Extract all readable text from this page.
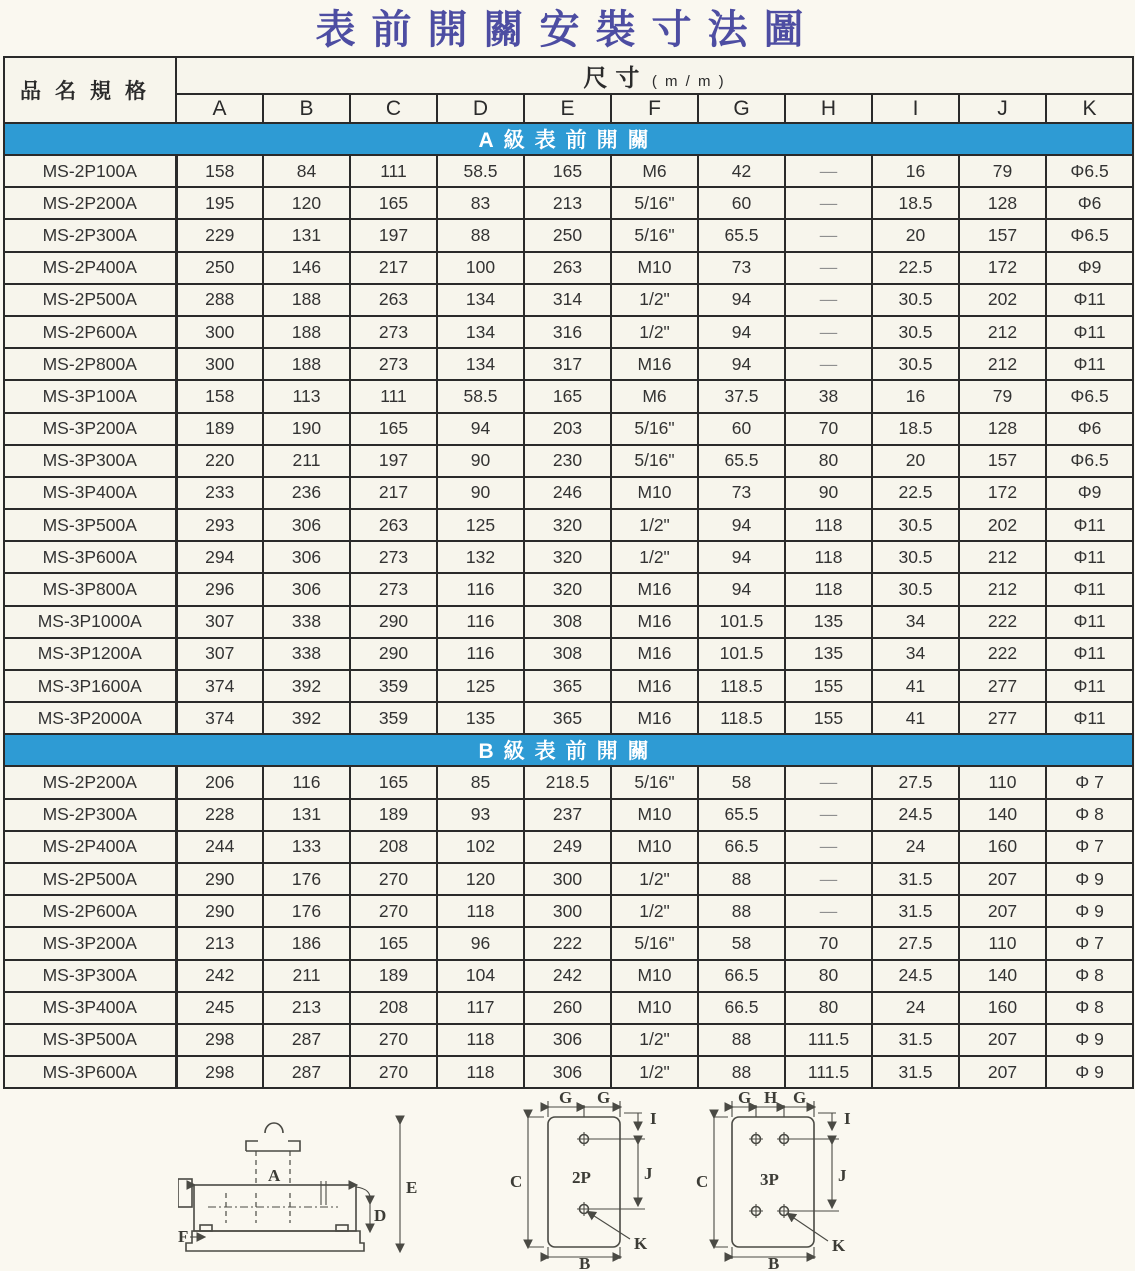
表前開關安裝寸法圖
品名規格	尺寸 ( m / m )										
	A	B	C	D	E	F	G	H	I	J	K
A級表前開關											
MS-2P100A	158	84	111	58.5	165	M6	42	—	16	79	Φ6.5
MS-2P200A	195	120	165	83	213	5/16"	60	—	18.5	128	Φ6
MS-2P300A	229	131	197	88	250	5/16"	65.5	—	20	157	Φ6.5
MS-2P400A	250	146	217	100	263	M10	73	—	22.5	172	Φ9
MS-2P500A	288	188	263	134	314	1/2"	94	—	30.5	202	Φ11
MS-2P600A	300	188	273	134	316	1/2"	94	—	30.5	212	Φ11
MS-2P800A	300	188	273	134	317	M16	94	—	30.5	212	Φ11
MS-3P100A	158	113	111	58.5	165	M6	37.5	38	16	79	Φ6.5
MS-3P200A	189	190	165	94	203	5/16"	60	70	18.5	128	Φ6
MS-3P300A	220	211	197	90	230	5/16"	65.5	80	20	157	Φ6.5
MS-3P400A	233	236	217	90	246	M10	73	90	22.5	172	Φ9
MS-3P500A	293	306	263	125	320	1/2"	94	118	30.5	202	Φ11
MS-3P600A	294	306	273	132	320	1/2"	94	118	30.5	212	Φ11
MS-3P800A	296	306	273	116	320	M16	94	118	30.5	212	Φ11
MS-3P1000A	307	338	290	116	308	M16	101.5	135	34	222	Φ11
MS-3P1200A	307	338	290	116	308	M16	101.5	135	34	222	Φ11
MS-3P1600A	374	392	359	125	365	M16	118.5	155	41	277	Φ11
MS-3P2000A	374	392	359	135	365	M16	118.5	155	41	277	Φ11
B級表前開關											
MS-2P200A	206	116	165	85	218.5	5/16"	58	—	27.5	110	Φ 7
MS-2P300A	228	131	189	93	237	M10	65.5	—	24.5	140	Φ 8
MS-2P400A	244	133	208	102	249	M10	66.5	—	24	160	Φ 7
MS-2P500A	290	176	270	120	300	1/2"	88	—	31.5	207	Φ 9
MS-2P600A	290	176	270	118	300	1/2"	88	—	31.5	207	Φ 9
MS-3P200A	213	186	165	96	222	5/16"	58	70	27.5	110	Φ 7
MS-3P300A	242	211	189	104	242	M10	66.5	80	24.5	140	Φ 8
MS-3P400A	245	213	208	117	260	M10	66.5	80	24	160	Φ 8
MS-3P500A	298	287	270	118	306	1/2"	88	111.5	31.5	207	Φ 9
MS-3P600A	298	287	270	118	306	1/2"	88	111.5	31.5	207	Φ 9
A
D
F
E
G G
C
I
J
B
K
2P
G H G
C
I
J
B
K
3P
